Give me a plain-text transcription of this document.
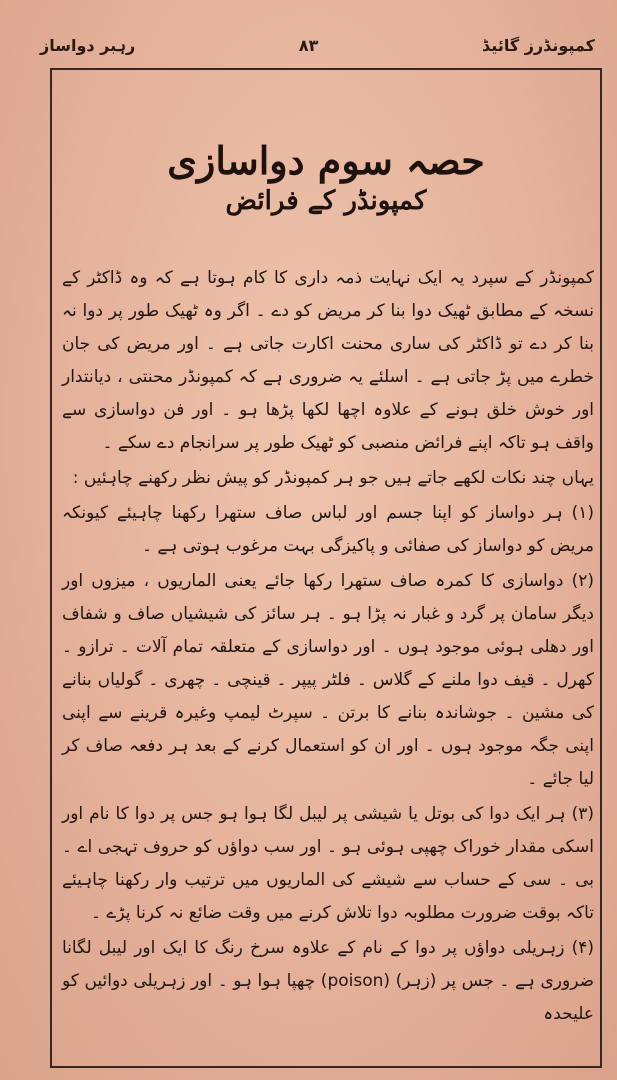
رہبر دواساز	۸۳	کمپونڈرز گائیڈ
حصہ سوم دواسازی
کمپونڈر کے فرائض

کمپونڈر کے سپرد یہ ایک نہایت ذمہ داری کا کام ہوتا ہے کہ وہ ڈاکٹر کے نسخہ کے مطابق ٹھیک دوا بنا کر مریض کو دے ۔ اگر وہ ٹھیک طور پر دوا نہ بنا کر دے تو ڈاکٹر کی ساری محنت اکارت جاتی ہے ۔ اور مریض کی جان خطرے میں پڑ جاتی ہے ۔ اسلئے یہ ضروری ہے کہ کمپونڈر محنتی ، دیانتدار اور خوش خلق ہونے کے علاوہ اچھا لکھا پڑھا ہو ۔ اور فن دواسازی سے واقف ہو تاکہ اپنے فرائض منصبی کو ٹھیک طور پر سرانجام دے سکے ۔

یہاں چند نکات لکھے جاتے ہیں جو ہر کمپونڈر کو پیش نظر رکھنے چاہئیں :

(۱) ہر دواساز کو اپنا جسم اور لباس صاف ستھرا رکھنا چاہیئے کیونکہ مریض کو دواساز کی صفائی و پاکیزگی بہت مرغوب ہوتی ہے ۔

(۲) دواسازی کا کمرہ صاف ستھرا رکھا جائے یعنی الماریوں ، میزوں اور دیگر سامان پر گرد و غبار نہ پڑا ہو ۔ ہر سائز کی شیشیاں صاف و شفاف اور دھلی ہوئی موجود ہوں ۔ اور دواسازی کے متعلقہ تمام آلات ۔ ترازو ۔ کھرل ۔ قیف دوا ملنے کے گلاس ۔ فلٹر پیپر ۔ قینچی ۔ چھری ۔ گولیاں بنانے کی مشین ۔ جوشاندہ بنانے کا برتن ۔ سپرٹ لیمپ وغیرہ قرینے سے اپنی اپنی جگہ موجود ہوں ۔ اور ان کو استعمال کرنے کے بعد ہر دفعہ صاف کر لیا جائے ۔

(۳) ہر ایک دوا کی بوتل یا شیشی پر لیبل لگا ہوا ہو جس پر دوا کا نام اور اسکی مقدار خوراک چھپی ہوئی ہو ۔ اور سب دواؤں کو حروف تہجی اے ۔ بی ۔ سی کے حساب سے شیشے کی الماریوں میں ترتیب وار رکھنا چاہیئے تاکہ بوقت ضرورت مطلوبہ دوا تلاش کرنے میں وقت ضائع نہ کرنا پڑے ۔

(۴) زہریلی دواؤں پر دوا کے نام کے علاوہ سرخ رنگ کا ایک اور لیبل لگانا ضروری ہے ۔ جس پر (زہر) (poison) چھپا ہوا ہو ۔ اور زہریلی دوائیں کو علیحدہ
